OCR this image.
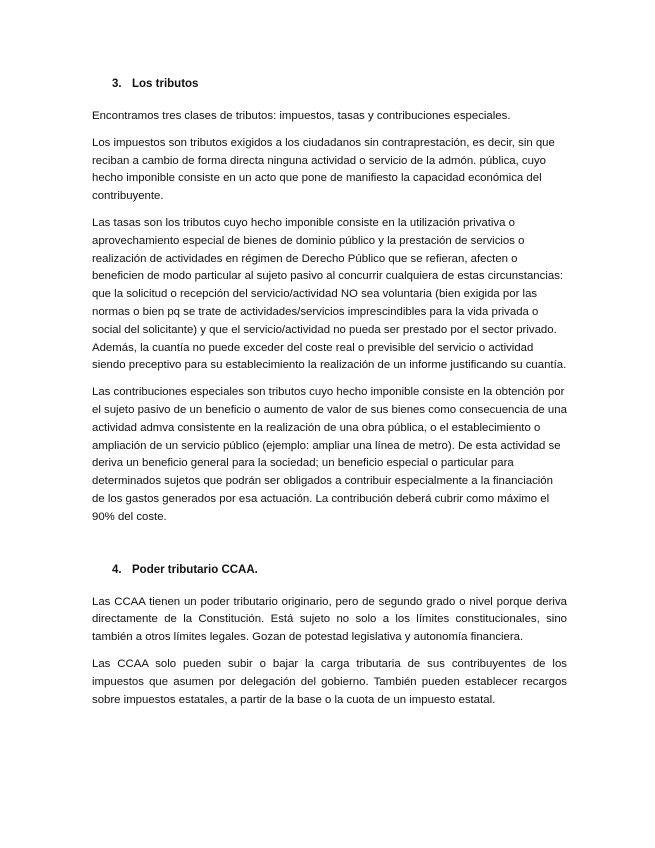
3. Los tributos

Encontramos tres clases de tributos: impuestos, tasas y contribuciones especiales.

Los impuestos son tributos exigidos a los ciudadanos sin contraprestación, es decir, sin que reciban a cambio de forma directa ninguna actividad o servicio de la admón. pública, cuyo hecho imponible consiste en un acto que pone de manifiesto la capacidad económica del contribuyente.

Las tasas son los tributos cuyo hecho imponible consiste en la utilización privativa o aprovechamiento especial de bienes de dominio público y la prestación de servicios o realización de actividades en régimen de Derecho Público que se refieran, afecten o beneficien de modo particular al sujeto pasivo al concurrir cualquiera de estas circunstancias: que la solicitud o recepción del servicio/actividad NO sea voluntaria (bien exigida por las normas o bien pq se trate de actividades/servicios imprescindibles para la vida privada o social del solicitante) y que el servicio/actividad no pueda ser prestado por el sector privado. Además, la cuantía no puede exceder del coste real o previsible del servicio o actividad siendo preceptivo para su establecimiento la realización de un informe justificando su cuantía.

Las contribuciones especiales son tributos cuyo hecho imponible consiste en la obtención por el sujeto pasivo de un beneficio o aumento de valor de sus bienes como consecuencia de una actividad admva consistente en la realización de una obra pública, o el establecimiento o ampliación de un servicio público (ejemplo: ampliar una línea de metro). De esta actividad se deriva un beneficio general para la sociedad; un beneficio especial o particular para determinados sujetos que podrán ser obligados a contribuir especialmente a la financiación de los gastos generados por esa actuación. La contribución deberá cubrir como máximo el 90% del coste.

4. Poder tributario CCAA.

Las CCAA tienen un poder tributario originario, pero de segundo grado o nivel porque deriva directamente de la Constitución. Está sujeto no solo a los límites constitucionales, sino también a otros límites legales. Gozan de potestad legislativa y autonomía financiera.

Las CCAA solo pueden subir o bajar la carga tributaria de sus contribuyentes de los impuestos que asumen por delegación del gobierno. También pueden establecer recargos sobre impuestos estatales, a partir de la base o la cuota de un impuesto estatal.
